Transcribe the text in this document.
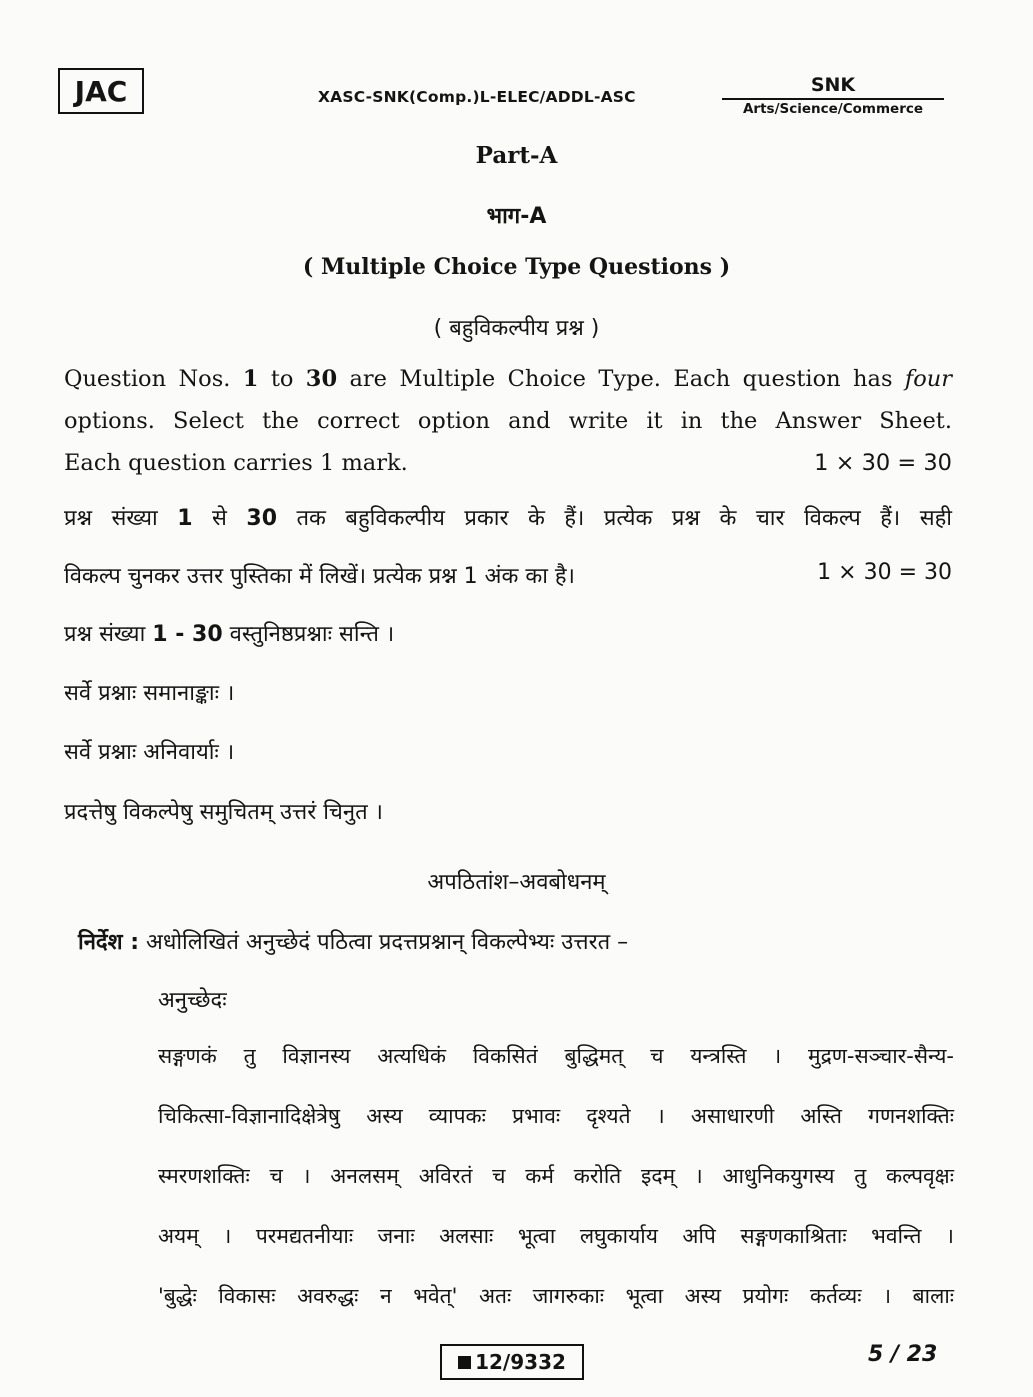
JAC	XASC-SNK(Comp.)L-ELEC/ADDL-ASC
SNK
Arts/Science/Commerce
Part-A
भाग-A
( Multiple Choice Type Questions )
( बहुविकल्पीय प्रश्न )
Question Nos. 1 to 30 are Multiple Choice Type. Each question has four
options. Select the correct option and write it in the Answer Sheet.
Each question carries 1 mark.	1 × 30 = 30
प्रश्न संख्या 1 से 30 तक बहुविकल्पीय प्रकार के हैं। प्रत्येक प्रश्न के चार विकल्प हैं। सही
विकल्प चुनकर उत्तर पुस्तिका में लिखें। प्रत्येक प्रश्न 1 अंक का है।	1 × 30 = 30
प्रश्न संख्या 1 - 30 वस्तुनिष्ठप्रश्नाः सन्ति ।
सर्वे प्रश्नाः समानाङ्काः ।
सर्वे प्रश्नाः अनिवार्याः ।
प्रदत्तेषु विकल्पेषु समुचितम् उत्तरं चिनुत ।
अपठितांश–अवबोधनम्
निर्देश : अधोलिखितं अनुच्छेदं पठित्वा प्रदत्तप्रश्नान् विकल्पेभ्यः उत्तरत –
अनुच्छेदः
सङ्गणकं तु विज्ञानस्य अत्यधिकं विकसितं बुद्धिमत् च यन्त्रस्ति । मुद्रण-सञ्चार-सैन्य-
चिकित्सा-विज्ञानादिक्षेत्रेषु अस्य व्यापकः प्रभावः दृश्यते । असाधारणी अस्ति गणनशक्तिः
स्मरणशक्तिः च । अनलसम् अविरतं च कर्म करोति इदम् । आधुनिकयुगस्य तु कल्पवृक्षः
अयम् । परमद्यतनीयाः जनाः अलसाः भूत्वा लघुकार्याय अपि सङ्गणकाश्रिताः भवन्ति ।
'बुद्धेः विकासः अवरुद्धः न भवेत्' अतः जागरुकाः भूत्वा अस्य प्रयोगः कर्तव्यः । बालाः
12/9332	5 / 23
